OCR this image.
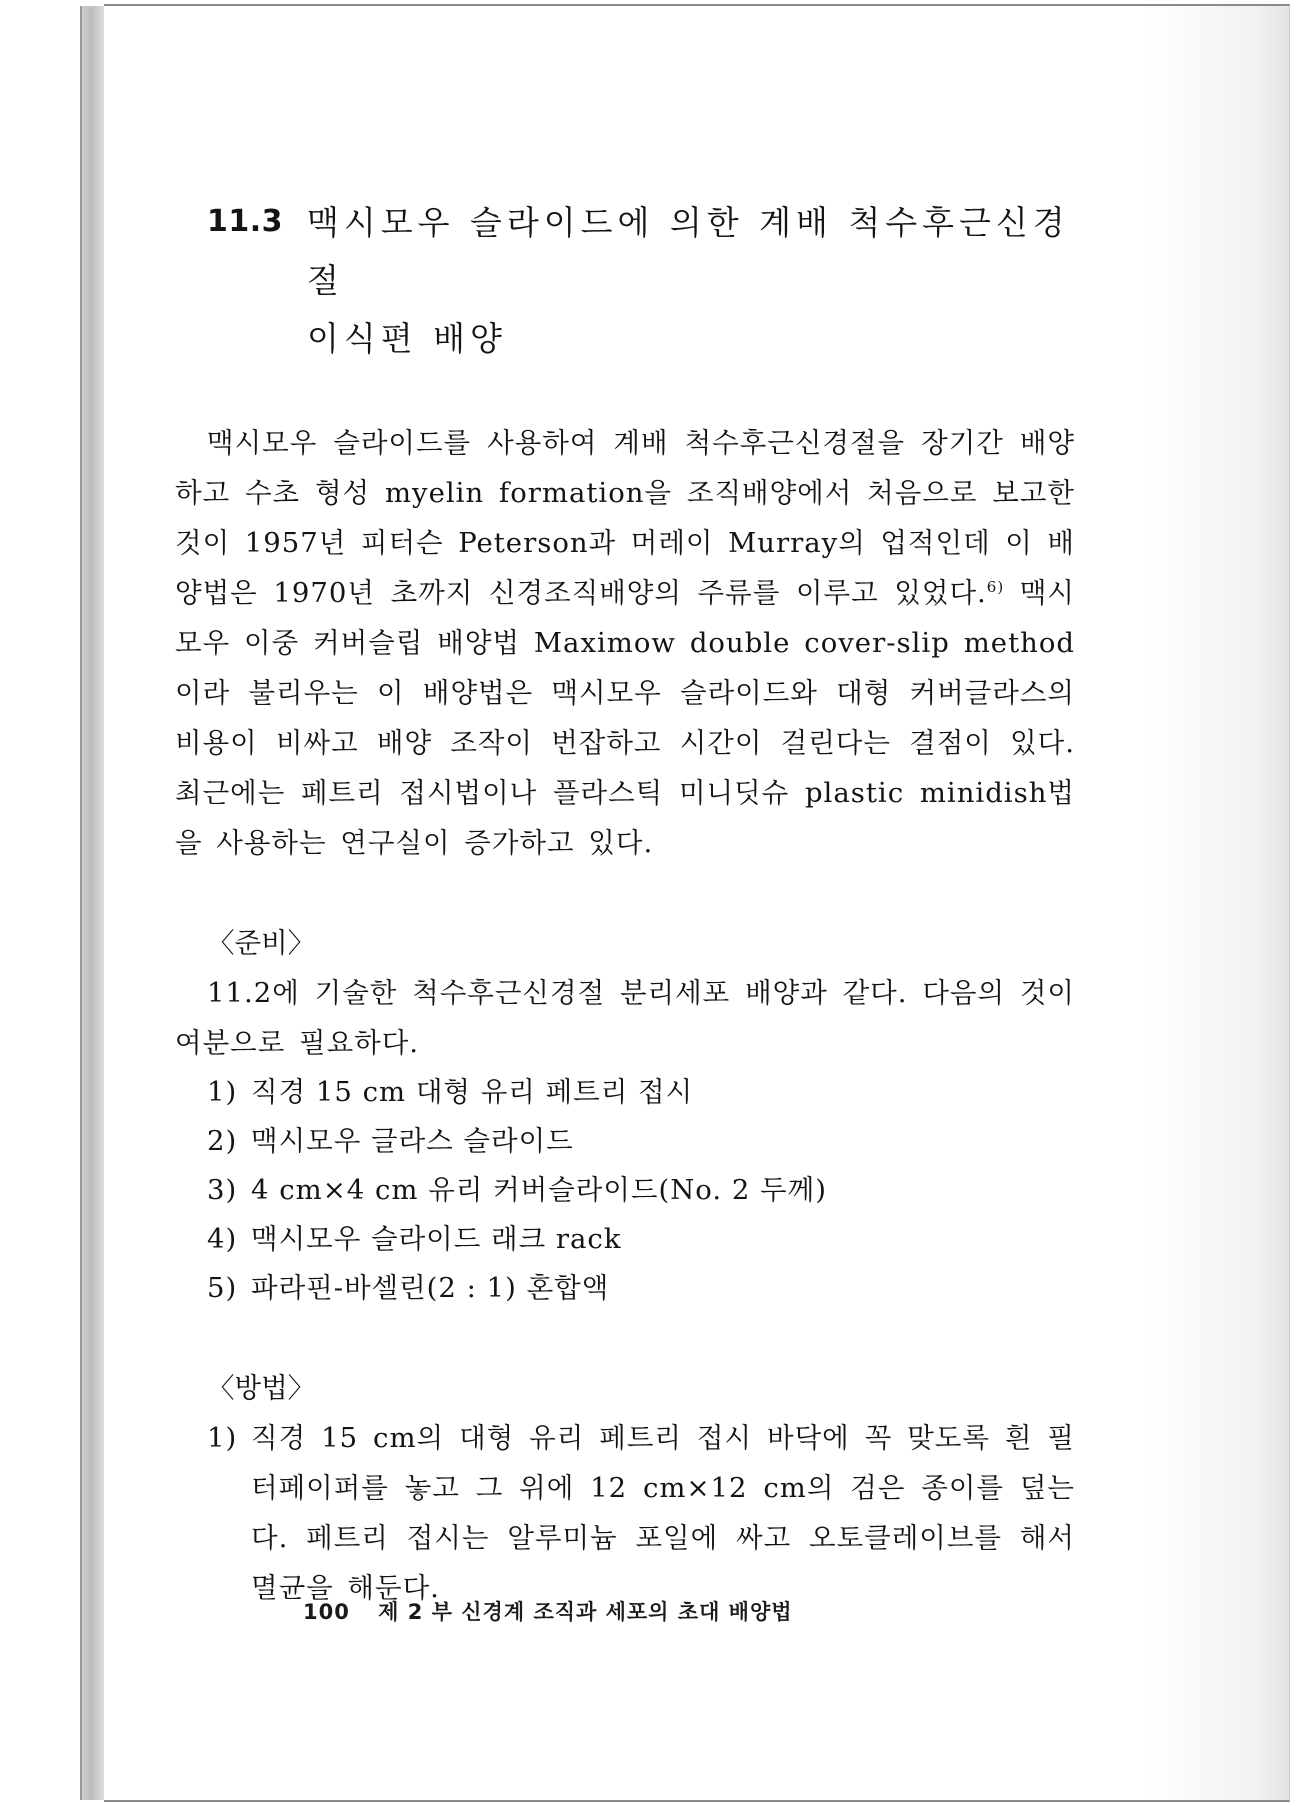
11.3 맥시모우 슬라이드에 의한 계배 척수후근신경절
이식편 배양

맥시모우 슬라이드를 사용하여 계배 척수후근신경절을 장기간 배양하고 수초 형성 myelin formation을 조직배양에서 처음으로 보고한 것이 1957년 피터슨 Peterson과 머레이 Murray의 업적인데 이 배양법은 1970년 초까지 신경조직배양의 주류를 이루고 있었다.$^{6)}$ 맥시모우 이중 커버슬립 배양법 Maximow double cover-slip method이라 불리우는 이 배양법은 맥시모우 슬라이드와 대형 커버글라스의 비용이 비싸고 배양 조작이 번잡하고 시간이 걸린다는 결점이 있다. 최근에는 페트리 접시법이나 플라스틱 미니딧슈 plastic minidish법을 사용하는 연구실이 증가하고 있다.

〈준비〉
11.2에 기술한 척수후근신경절 분리세포 배양과 같다. 다음의 것이 여분으로 필요하다.
1) 직경 15 cm 대형 유리 페트리 접시
2) 맥시모우 글라스 슬라이드
3) 4 cm×4 cm 유리 커버슬라이드(No. 2 두께)
4) 맥시모우 슬라이드 래크 rack
5) 파라핀-바셀린(2 : 1) 혼합액
〈방법〉
1) 직경 15 cm의 대형 유리 페트리 접시 바닥에 꼭 맞도록 흰 필터페이퍼를 놓고 그 위에 12 cm×12 cm의 검은 종이를 덮는다. 페트리 접시는 알루미늄 포일에 싸고 오토클레이브를 해서 멸균을 해둔다.
100 제 2 부 신경계 조직과 세포의 초대 배양법
